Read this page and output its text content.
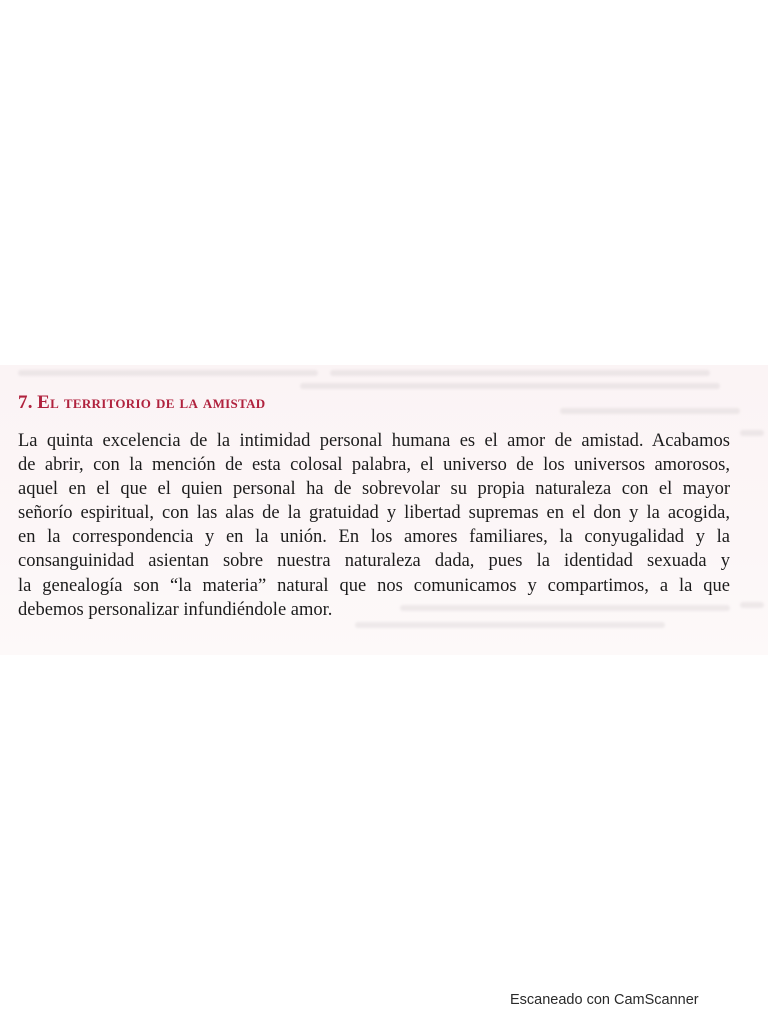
7. El territorio de la amistad
La quinta excelencia de la intimidad personal humana es el amor de amistad. Acabamos
de abrir, con la mención de esta colosal palabra, el universo de los universos amorosos,
aquel en el que el quien personal ha de sobrevolar su propia naturaleza con el mayor
señorío espiritual, con las alas de la gratuidad y libertad supremas en el don y la acogida,
en la correspondencia y en la unión. En los amores familiares, la conyugalidad y la
consanguinidad asientan sobre nuestra naturaleza dada, pues la identidad sexuada y
la genealogía son “la materia” natural que nos comunicamos y compartimos, a la que
debemos personalizar infundiéndole amor.
Escaneado con CamScanner
